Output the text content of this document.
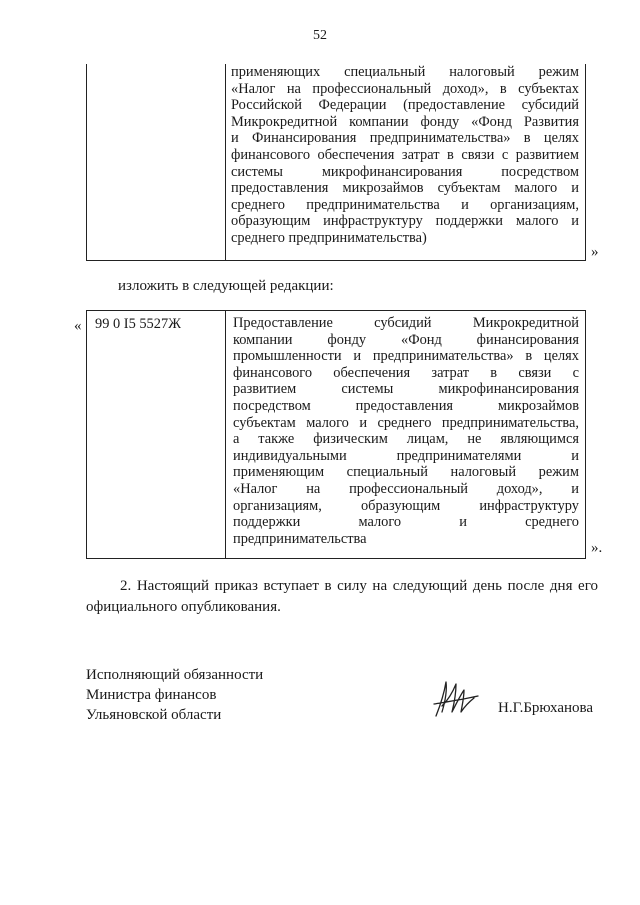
52
применяющих специальный налоговый режим
«Налог на профессиональный доход», в субъектах
Российской Федерации (предоставление субсидий
Микрокредитной компании фонду «Фонд Развития
и Финансирования предпринимательства» в целях
финансового обеспечения затрат в связи с развитием
системы микрофинансирования посредством
предоставления микрозаймов субъектам малого и
среднего предпринимательства и организациям,
образующим инфраструктуру поддержки малого и
среднего предпринимательства)
»
изложить в следующей редакции:
« 99 0 I5 5527Ж	Предоставление субсидий Микрокредитной
компании фонду «Фонд финансирования
промышленности и предпринимательства» в целях
финансового обеспечения затрат в связи с
развитием системы микрофинансирования
посредством предоставления микрозаймов
субъектам малого и среднего предпринимательства,
а также физическим лицам, не являющимся
индивидуальными предпринимателями и
применяющим специальный налоговый режим
«Налог на профессиональный доход», и
организациям, образующим инфраструктуру
поддержки малого и среднего
предпринимательства
».
2. Настоящий приказ вступает в силу на следующий день после дня его
официального опубликования.
Исполняющий обязанности
Министра финансов
Ульяновской области	Н.Г.Брюханова
